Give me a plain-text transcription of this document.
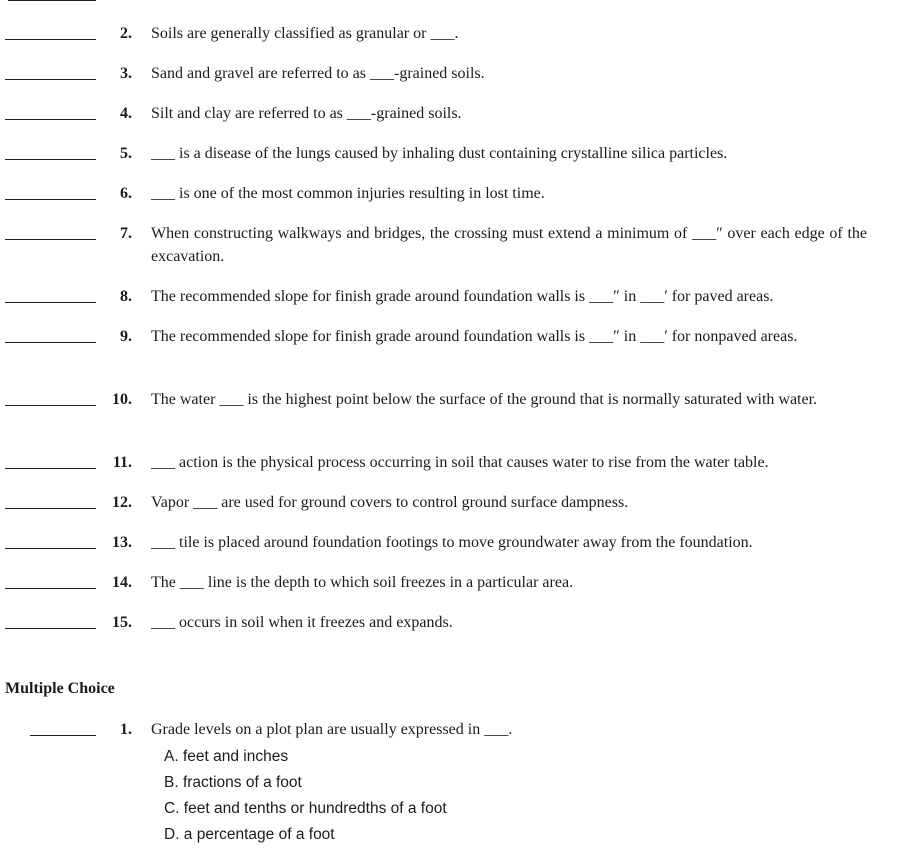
2. Soils are generally classified as granular or ___.
3. Sand and gravel are referred to as ___-grained soils.
4. Silt and clay are referred to as ___-grained soils.
5. ___ is a disease of the lungs caused by inhaling dust containing crystalline silica particles.
6. ___ is one of the most common injuries resulting in lost time.
7. When constructing walkways and bridges, the crossing must extend a minimum of ___″ over each edge of the excavation.
8. The recommended slope for finish grade around foundation walls is ___″ in ___′ for paved areas.
9. The recommended slope for finish grade around foundation walls is ___″ in ___′ for nonpaved areas.
10. The water ___ is the highest point below the surface of the ground that is normally saturated with water.
11. ___ action is the physical process occurring in soil that causes water to rise from the water table.
12. Vapor ___ are used for ground covers to control ground surface dampness.
13. ___ tile is placed around foundation footings to move groundwater away from the foundation.
14. The ___ line is the depth to which soil freezes in a particular area.
15. ___ occurs in soil when it freezes and expands.
Multiple Choice
1. Grade levels on a plot plan are usually expressed in ___.
A. feet and inches
B. fractions of a foot
C. feet and tenths or hundredths of a foot
D. a percentage of a foot
